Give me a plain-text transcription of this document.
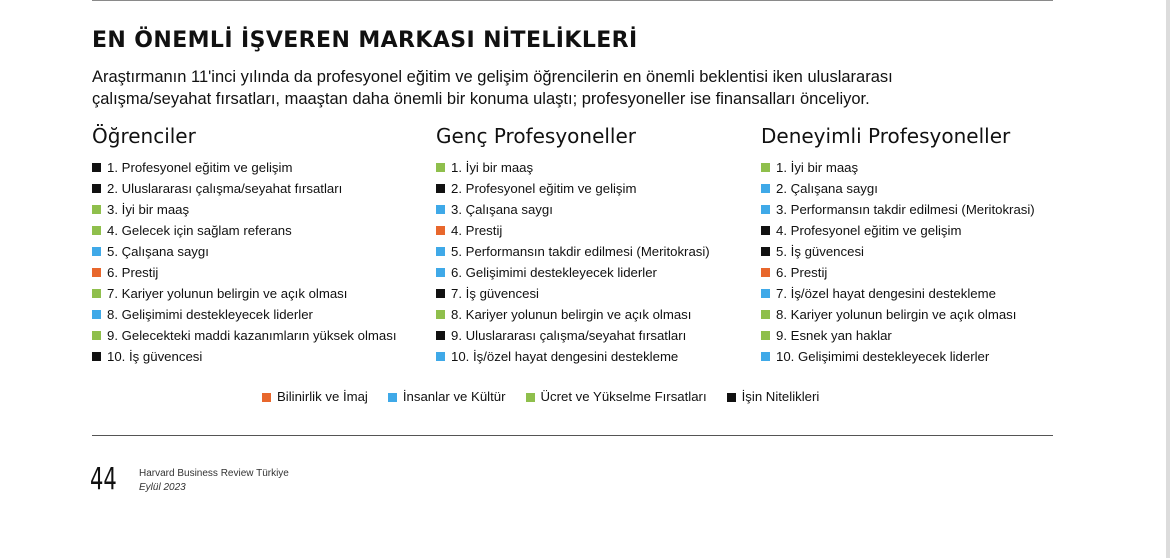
EN ÖNEMLİ İŞVEREN MARKASI NİTELİKLERİ

Araştırmanın 11'inci yılında da profesyonel eğitim ve gelişim öğrencilerin en önemli beklentisi iken uluslararası
çalışma/seyahat fırsatları, maaştan daha önemli bir konuma ulaştı; profesyoneller ise finansalları önceliyor.

Öğrenciler
1. Profesyonel eğitim ve gelişim
2. Uluslararası çalışma/seyahat fırsatları
3. İyi bir maaş
4. Gelecek için sağlam referans
5. Çalışana saygı
6. Prestij
7. Kariyer yolunun belirgin ve açık olması
8. Gelişimimi destekleyecek liderler
9. Gelecekteki maddi kazanımların yüksek olması
10. İş güvencesi
Genç Profesyoneller
1. İyi bir maaş
2. Profesyonel eğitim ve gelişim
3. Çalışana saygı
4. Prestij
5. Performansın takdir edilmesi (Meritokrasi)
6. Gelişimimi destekleyecek liderler
7. İş güvencesi
8. Kariyer yolunun belirgin ve açık olması
9. Uluslararası çalışma/seyahat fırsatları
10. İş/özel hayat dengesini destekleme
Deneyimli Profesyoneller
1. İyi bir maaş
2. Çalışana saygı
3. Performansın takdir edilmesi (Meritokrasi)
4. Profesyonel eğitim ve gelişim
5. İş güvencesi
6. Prestij
7. İş/özel hayat dengesini destekleme
8. Kariyer yolunun belirgin ve açık olması
9. Esnek yan haklar
10. Gelişimimi destekleyecek liderler
Bilinirlik ve İmaj	İnsanlar ve Kültür	Ücret ve Yükselme Fırsatları	İşin Nitelikleri
44 Harvard Business Review Türkiye
Eylül 2023
